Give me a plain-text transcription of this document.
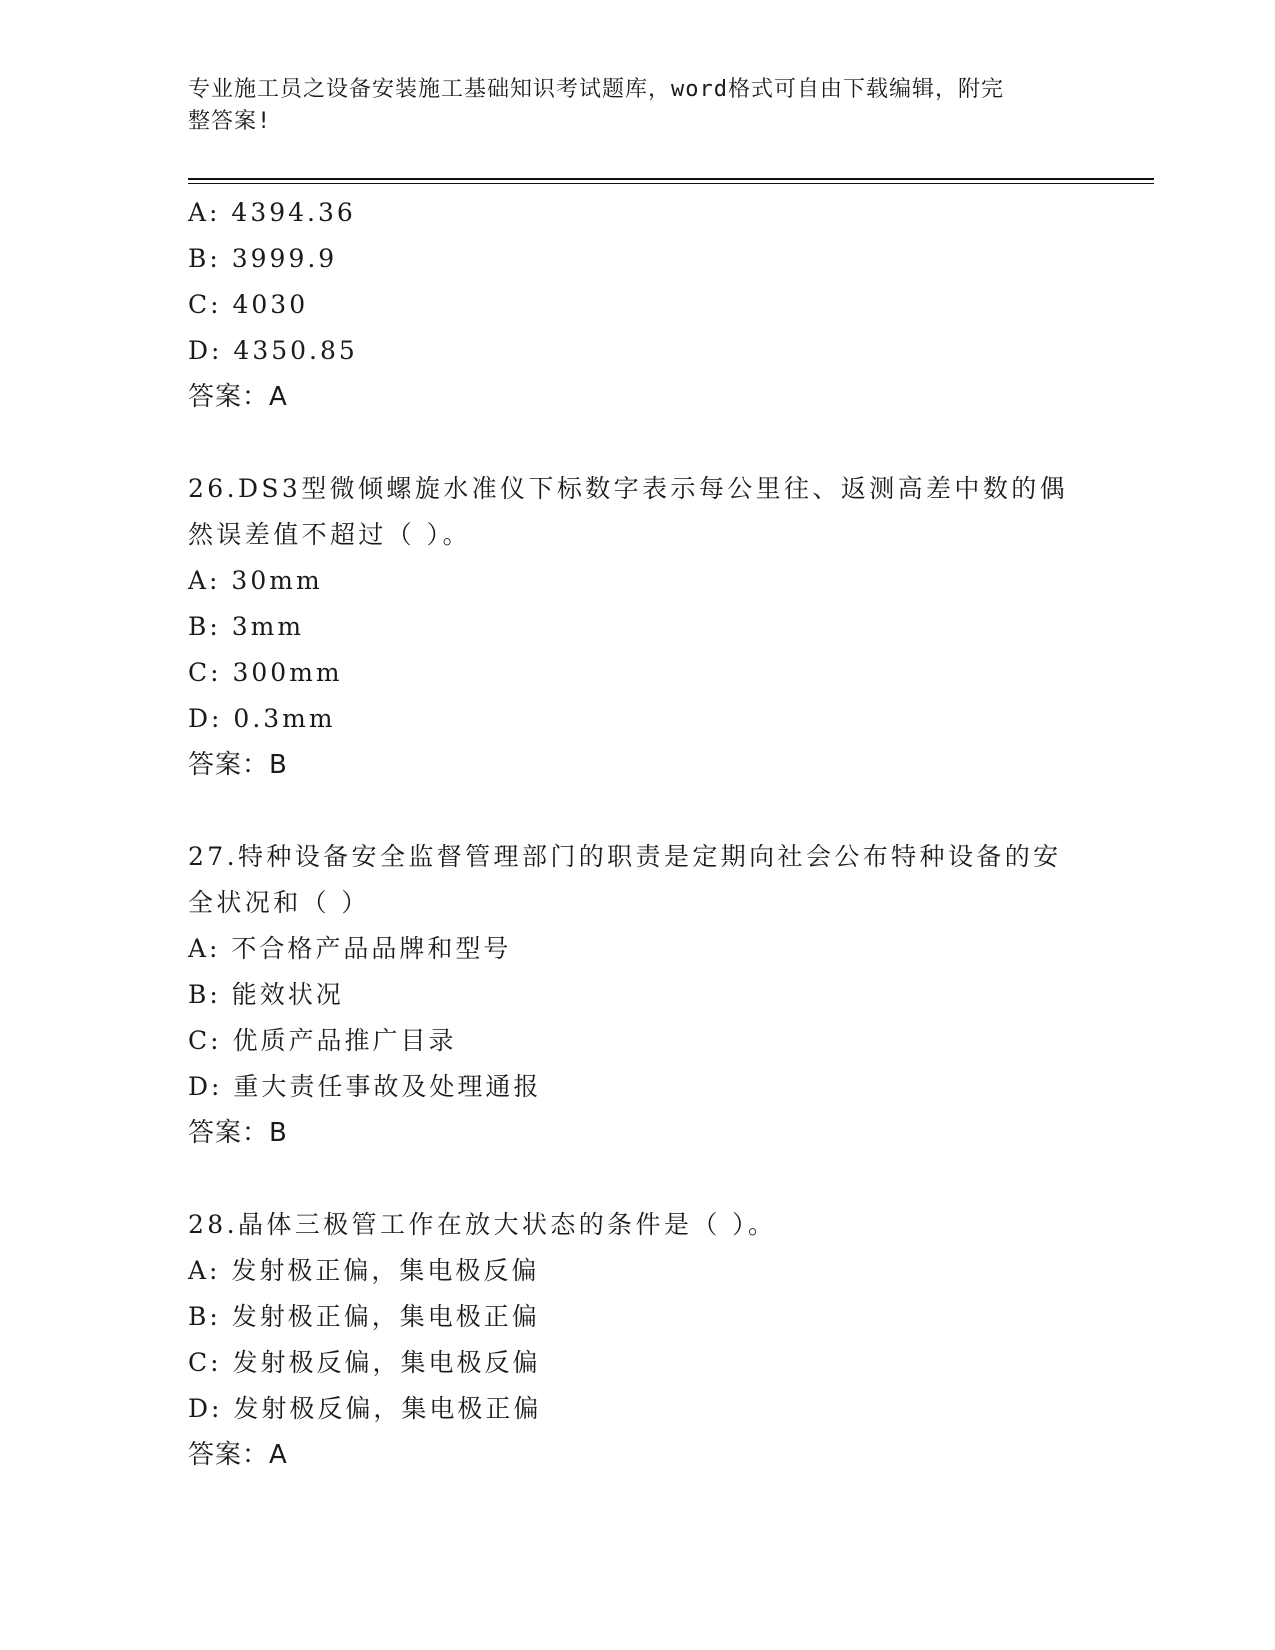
专业施工员之设备安装施工基础知识考试题库，word格式可自由下载编辑，附完
整答案!
A: 4394.36
B: 3999.9
C: 4030
D: 4350.85
答案：A
26.DS3型微倾螺旋水准仪下标数字表示每公里往、返测高差中数的偶然误差值不超过（ ）。
A: 30mm
B: 3mm
C: 300mm
D: 0.3mm
答案：B
27.特种设备安全监督管理部门的职责是定期向社会公布特种设备的安全状况和（ ）
A: 不合格产品品牌和型号
B: 能效状况
C: 优质产品推广目录
D: 重大责任事故及处理通报
答案：B
28.晶体三极管工作在放大状态的条件是（ ）。
A: 发射极正偏，集电极反偏
B: 发射极正偏，集电极正偏
C: 发射极反偏，集电极反偏
D: 发射极反偏，集电极正偏
答案：A
